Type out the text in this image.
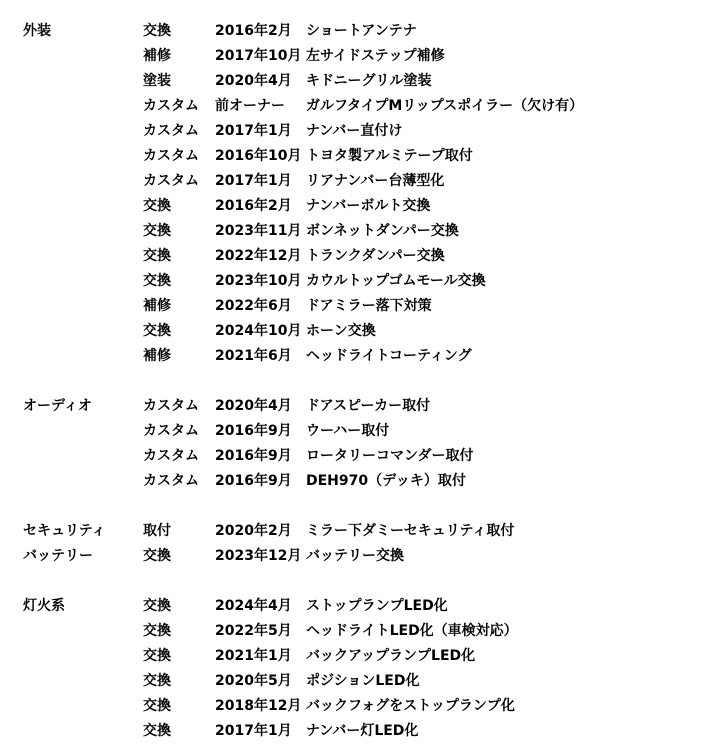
外装	交換	2016年2月 ショートアンテナ
補修	2017年10月 左サイドステップ補修
塗装	2020年4月 キドニーグリル塗装
カスタム 前オーナー ガルフタイプMリップスポイラー（欠け有）
カスタム 2017年1月 ナンバー直付け
カスタム 2016年10月 トヨタ製アルミテープ取付
カスタム 2017年1月 リアナンバー台薄型化
交換	2016年2月 ナンバーボルト交換
交換	2023年11月 ボンネットダンパー交換
交換	2022年12月 トランクダンパー交換
交換	2023年10月 カウルトップゴムモール交換
補修	2022年6月 ドアミラー落下対策
交換	2024年10月 ホーン交換
補修	2021年6月 ヘッドライトコーティング
オーディオ	カスタム 2020年4月 ドアスピーカー取付
カスタム 2016年9月 ウーハー取付
カスタム 2016年9月 ロータリーコマンダー取付
カスタム 2016年9月 DEH970（デッキ）取付
セキュリティ	取付	2020年2月 ミラー下ダミーセキュリティ取付
バッテリー	交換	2023年12月 バッテリー交換
灯火系	交換	2024年4月 ストップランプLED化
交換	2022年5月 ヘッドライトLED化（車検対応）
交換	2021年1月 バックアップランプLED化
交換	2020年5月 ポジションLED化
交換	2018年12月 バックフォグをストップランプ化
交換	2017年1月 ナンバー灯LED化
